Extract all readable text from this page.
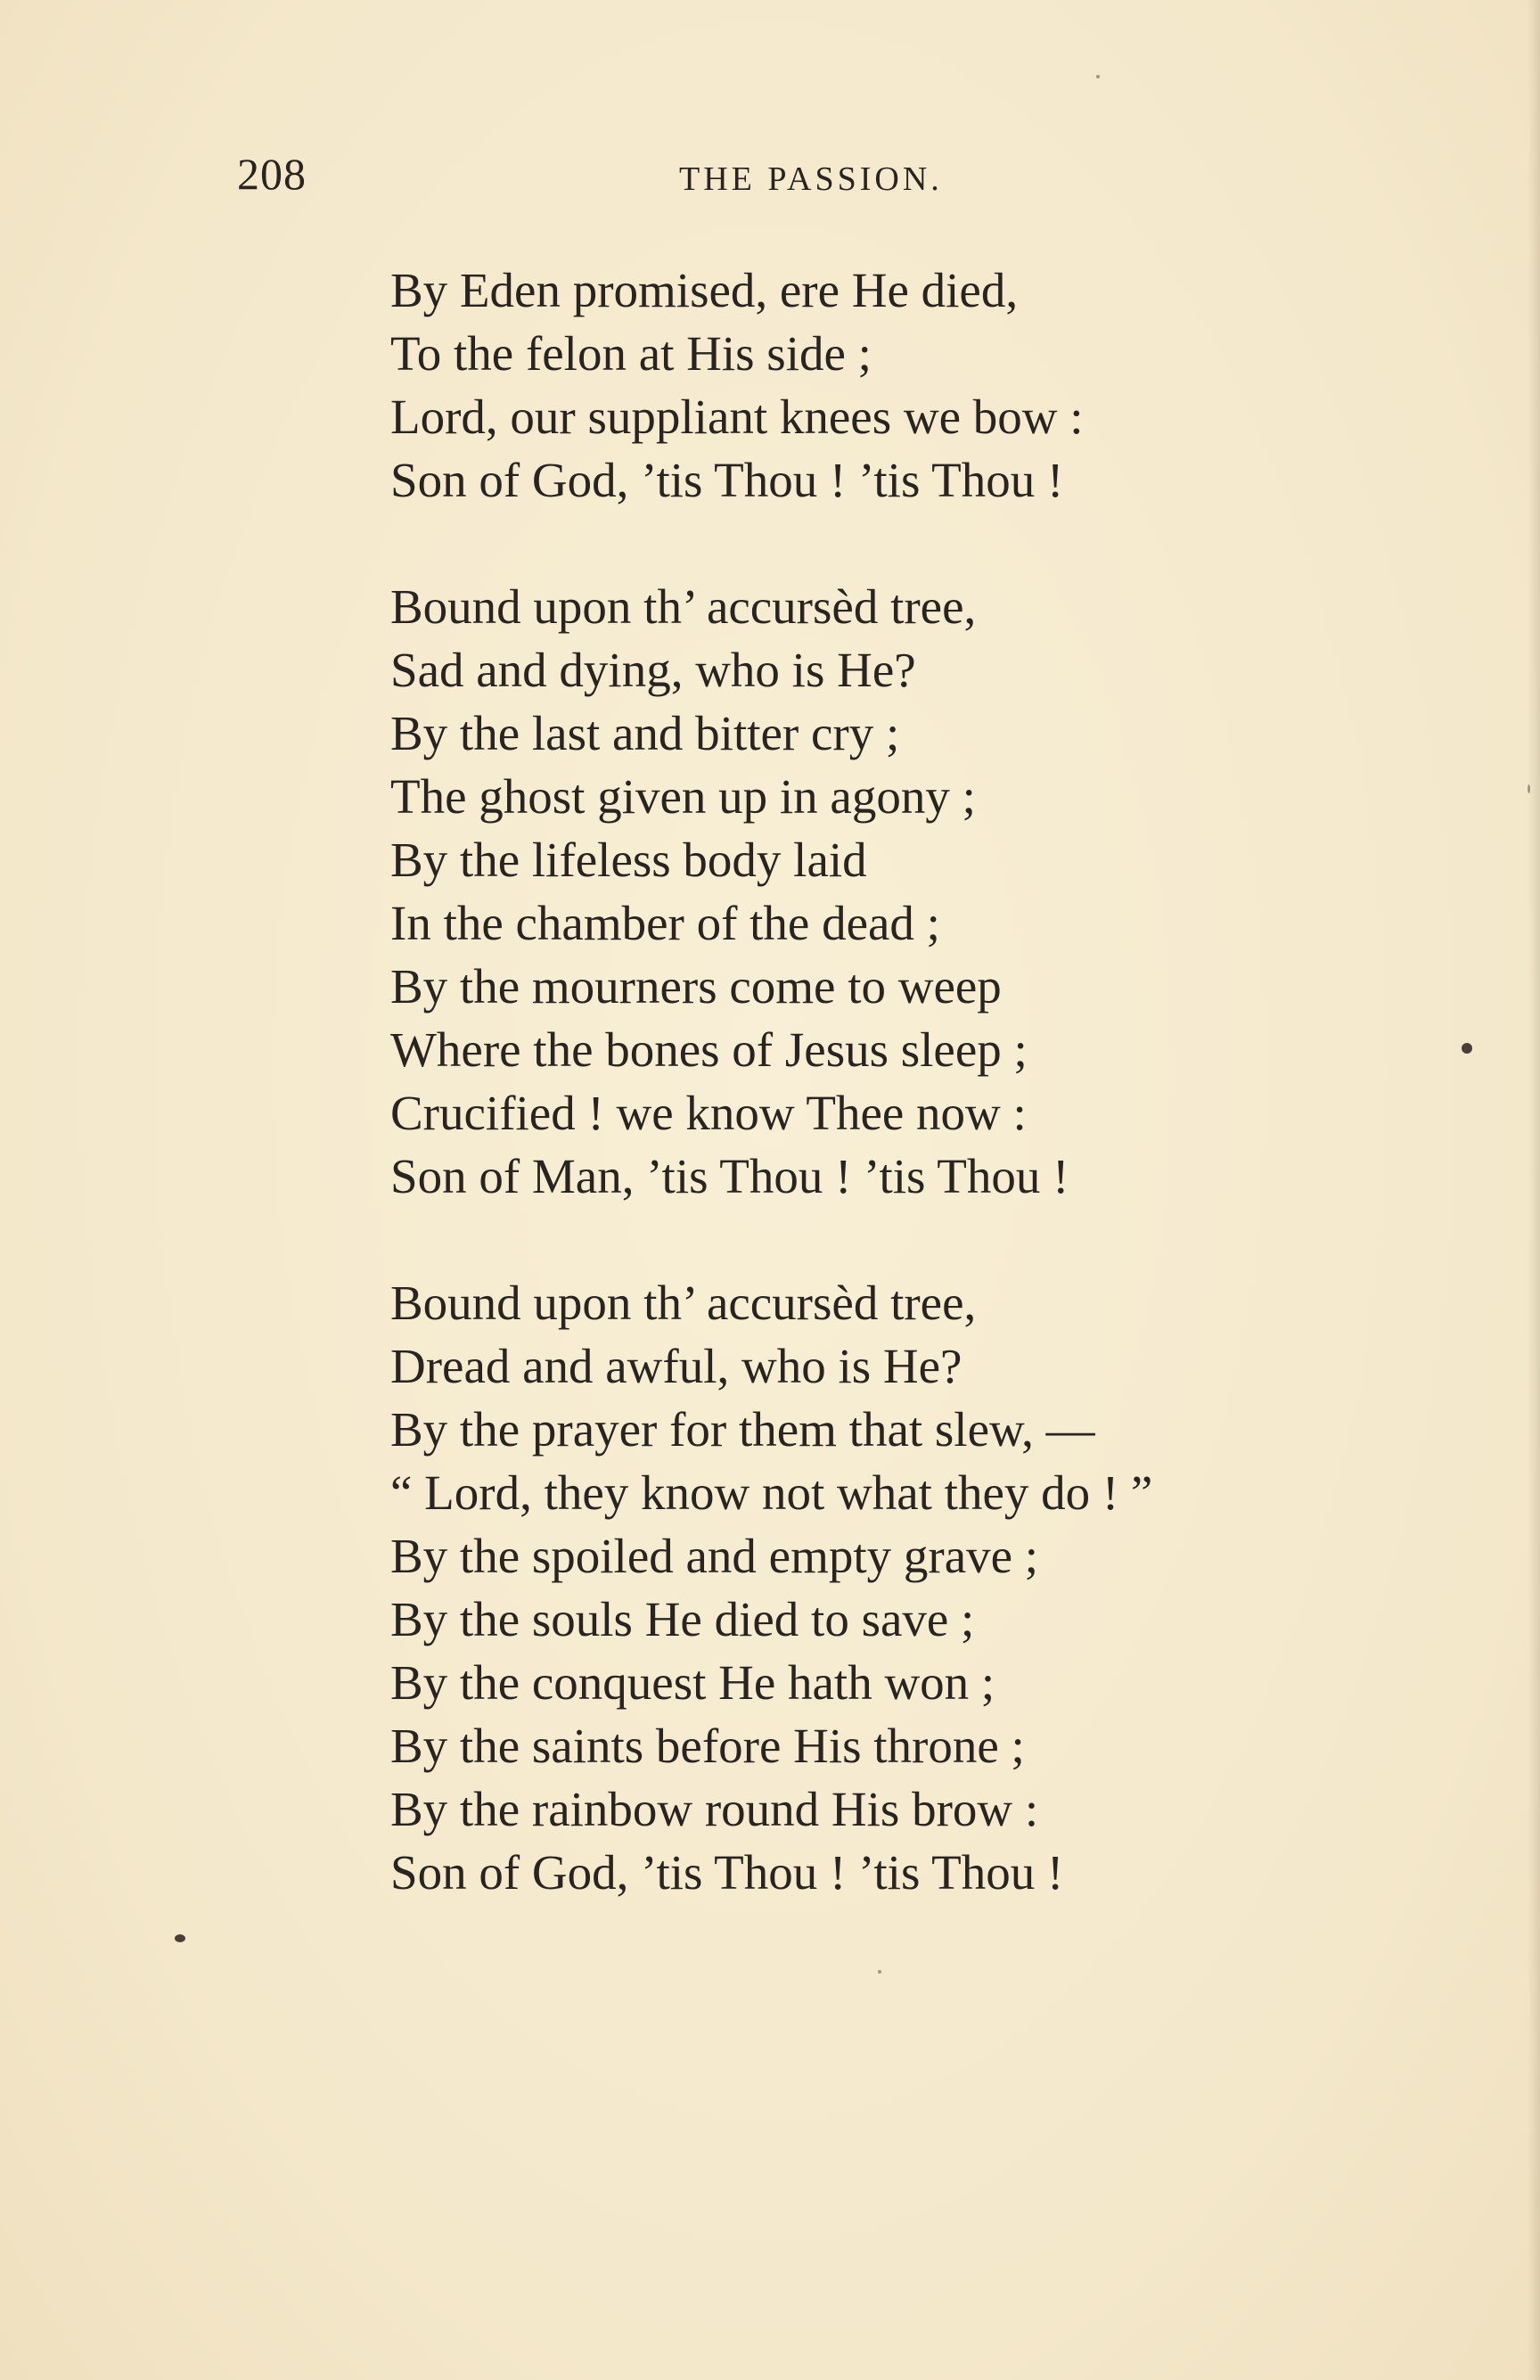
208	THE PASSION.
By Eden promised, ere He died,
To the felon at His side ;
Lord, our suppliant knees we bow :
Son of God, ’tis Thou ! ’tis Thou !
Bound upon th’ accursèd tree,
Sad and dying, who is He?
By the last and bitter cry ;
The ghost given up in agony ;
By the lifeless body laid
In the chamber of the dead ;
By the mourners come to weep
Where the bones of Jesus sleep ;
Crucified ! we know Thee now :
Son of Man, ’tis Thou ! ’tis Thou !
Bound upon th’ accursèd tree,
Dread and awful, who is He?
By the prayer for them that slew, —
“ Lord, they know not what they do ! ”
By the spoiled and empty grave ;
By the souls He died to save ;
By the conquest He hath won ;
By the saints before His throne ;
By the rainbow round His brow :
Son of God, ’tis Thou ! ’tis Thou !
